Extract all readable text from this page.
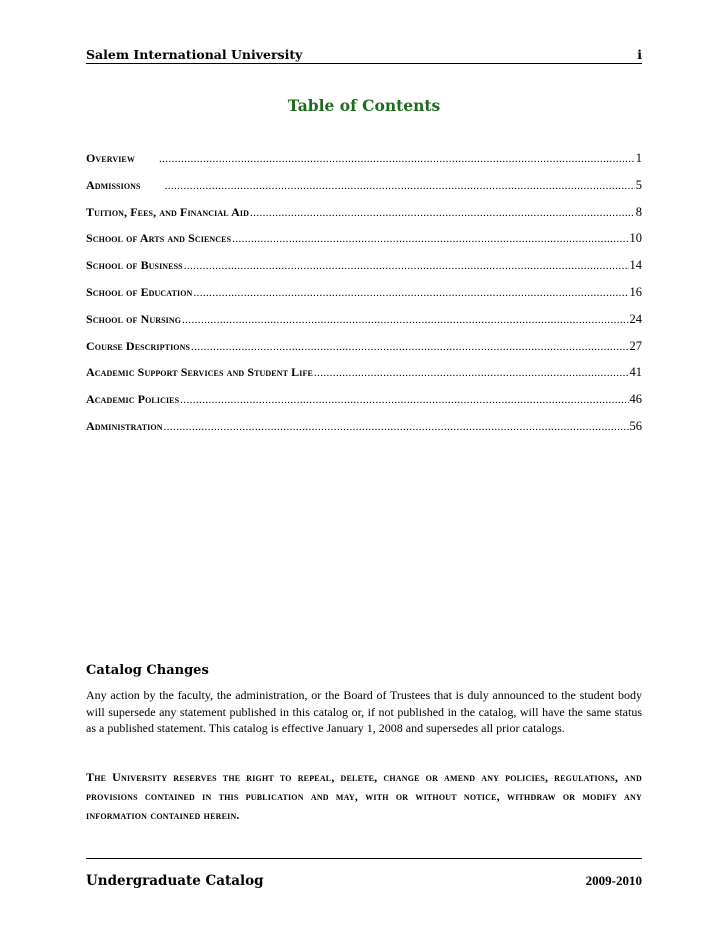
Salem International University	i
Table of Contents
Overview .....	1
Admissions .....	5
Tuition, Fees, and Financial Aid .....	8
School of Arts and Sciences .....	10
School of Business .....	14
School of Education .....	16
School of Nursing .....	24
Course Descriptions .....	27
Academic Support Services and Student Life .....	41
Academic Policies .....	46
Administration .....	56
Catalog Changes
Any action by the faculty, the administration, or the Board of Trustees that is duly announced to the student body will supersede any statement published in this catalog or, if not published in the catalog, will have the same status as a published statement. This catalog is effective January 1, 2008 and supersedes all prior catalogs.
The University reserves the right to repeal, delete, change or amend any policies, regulations, and provisions contained in this publication and may, with or without notice, withdraw or modify any information contained herein.
Undergraduate Catalog	2009-2010
